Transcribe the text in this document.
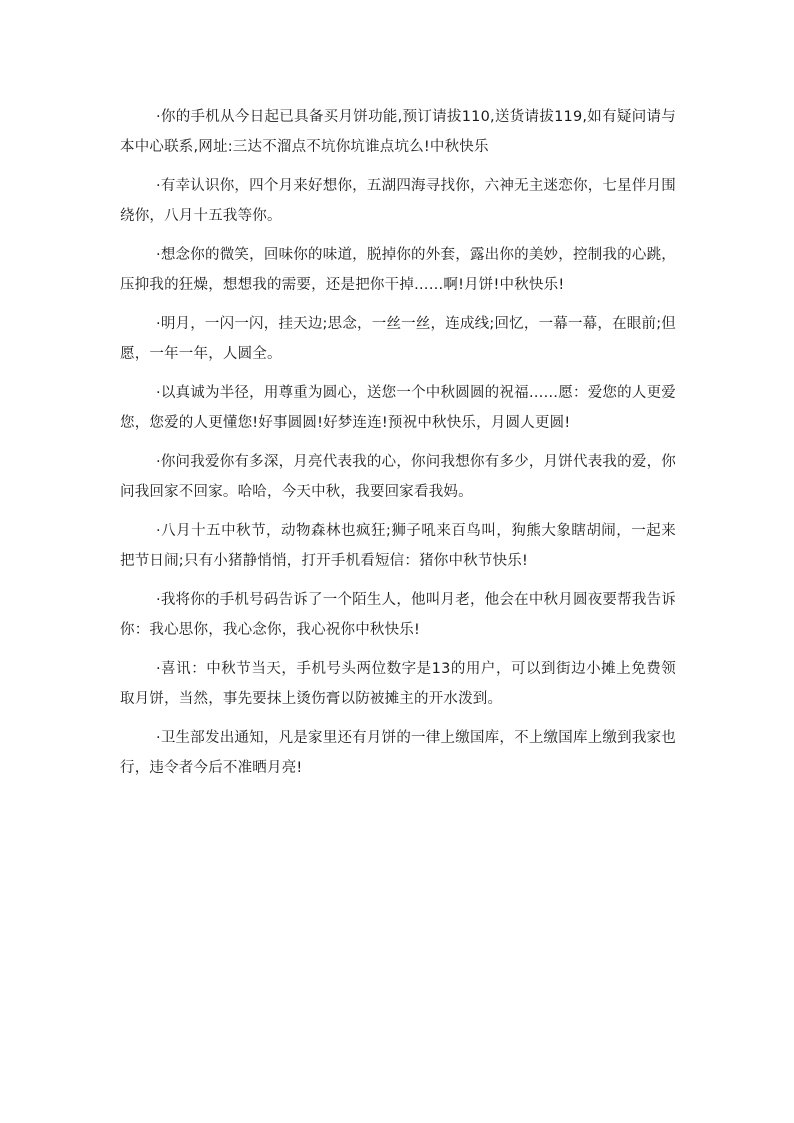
·你的手机从今日起已具备买月饼功能,预订请拔110,送货请拔119,如有疑问请与本中心联系,网址:三达不溜点不坑你坑谁点坑么!中秋快乐

·有幸认识你，四个月来好想你，五湖四海寻找你，六神无主迷恋你，七星伴月围绕你，八月十五我等你。

·想念你的微笑，回味你的味道，脱掉你的外套，露出你的美妙，控制我的心跳，压抑我的狂燥，想想我的需要，还是把你干掉……啊!月饼!中秋快乐!

·明月，一闪一闪，挂天边;思念，一丝一丝，连成线;回忆，一幕一幕，在眼前;但愿，一年一年，人圆全。

·以真诚为半径，用尊重为圆心，送您一个中秋圆圆的祝福……愿：爱您的人更爱您，您爱的人更懂您!好事圆圆!好梦连连!预祝中秋快乐，月圆人更圆!

·你问我爱你有多深，月亮代表我的心，你问我想你有多少，月饼代表我的爱，你问我回家不回家。哈哈，今天中秋，我要回家看我妈。

·八月十五中秋节，动物森林也疯狂;狮子吼来百鸟叫，狗熊大象瞎胡闹，一起来把节日闹;只有小猪静悄悄，打开手机看短信：猪你中秋节快乐!

·我将你的手机号码告诉了一个陌生人，他叫月老，他会在中秋月圆夜要帮我告诉你：我心思你，我心念你，我心祝你中秋快乐!

·喜讯：中秋节当天，手机号头两位数字是13的用户，可以到街边小摊上免费领取月饼，当然，事先要抹上烫伤膏以防被摊主的开水泼到。

·卫生部发出通知，凡是家里还有月饼的一律上缴国库，不上缴国库上缴到我家也行，违令者今后不准晒月亮!
